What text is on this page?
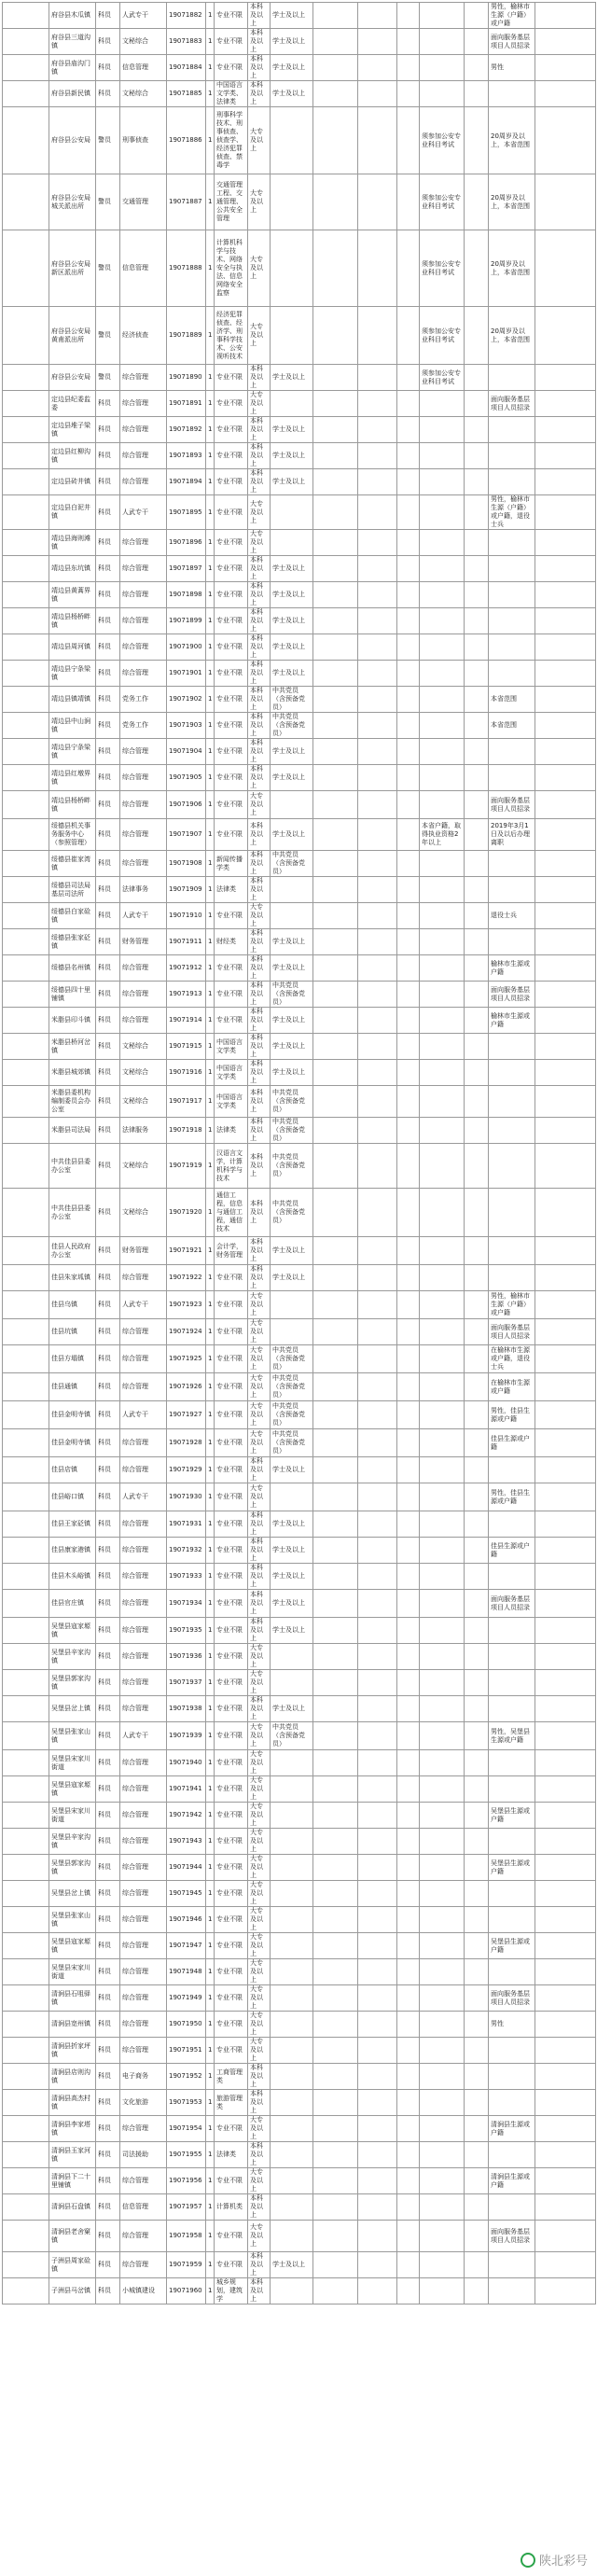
	府谷县木瓜镇	科员	人武专干	19071882	1	专业不限	本科及以上	学士及以上						男性，榆林市生源（户籍）或户籍	
	府谷县三道沟镇	科员	文秘综合	19071883	1	专业不限	本科及以上	学士及以上						面向服务基层项目人员招录	
	府谷县庙沟门镇	科员	信息管理	19071884	1	专业不限	本科及以上	学士及以上						男性	
	府谷县新民镇	科员	文秘综合	19071885	1	中国语言文学类、法律类	本科及以上	学士及以上							
	府谷县公安局	警员	刑事侦查	19071886	1	刑事科学技术、刑事侦查、侦查学、经济犯罪侦查、禁毒学	大专及以上					须参加公安专业科目考试		20周岁及以上，本省范围	
	府谷县公安局城关派出所	警员	交通管理	19071887	1	交通管理工程、交通管理、公共安全管理	大专及以上					须参加公安专业科目考试		20周岁及以上，本省范围	
	府谷县公安局新区派出所	警员	信息管理	19071888	1	计算机科学与技术、网络安全与执法、信息网络安全监察	大专及以上					须参加公安专业科目考试		20周岁及以上，本省范围	
	府谷县公安局黄甫派出所	警员	经济侦查	19071889	1	经济犯罪侦查、经济学、刑事科学技术、公安视听技术	大专及以上					须参加公安专业科目考试		20周岁及以上，本省范围	
	府谷县公安局	警员	综合管理	19071890	1	专业不限	本科及以上	学士及以上				须参加公安专业科目考试			
	定边县纪委监委	科员	综合管理	19071891	1	专业不限	大专及以上							面向服务基层项目人员招录	
	定边县堆子梁镇	科员	综合管理	19071892	1	专业不限	本科及以上	学士及以上							
	定边县红柳沟镇	科员	综合管理	19071893	1	专业不限	本科及以上	学士及以上							
	定边县砖井镇	科员	综合管理	19071894	1	专业不限	本科及以上	学士及以上							
	定边县白泥井镇	科员	人武专干	19071895	1	专业不限	大专及以上							男性，榆林市生源（户籍）或户籍，退役士兵	
	靖边县海则滩镇	科员	综合管理	19071896	1	专业不限	大专及以上								
	靖边县东坑镇	科员	综合管理	19071897	1	专业不限	本科及以上	学士及以上							
	靖边县黄蒿界镇	科员	综合管理	19071898	1	专业不限	本科及以上	学士及以上							
	靖边县杨桥畔镇	科员	综合管理	19071899	1	专业不限	本科及以上	学士及以上							
	靖边县周河镇	科员	综合管理	19071900	1	专业不限	本科及以上	学士及以上							
	靖边县宁条梁镇	科员	综合管理	19071901	1	专业不限	本科及以上	学士及以上							
	靖边县镇靖镇	科员	党务工作	19071902	1	专业不限	本科及以上	中共党员（含预备党员）						本省范围	
	靖边县中山涧镇	科员	党务工作	19071903	1	专业不限	本科及以上	中共党员（含预备党员）						本省范围	
	靖边县宁条梁镇	科员	综合管理	19071904	1	专业不限	本科及以上	学士及以上							
	靖边县红墩界镇	科员	综合管理	19071905	1	专业不限	本科及以上	学士及以上							
	靖边县杨桥畔镇	科员	综合管理	19071906	1	专业不限	大专及以上							面向服务基层项目人员招录	
	绥德县机关事务服务中心（参照管理）	科员	综合管理	19071907	1	专业不限	本科及以上	学士及以上				本省户籍，取得执业资格2年以上		2019年3月1日及以后办理离职	
	绥德县崔家湾镇	科员	综合管理	19071908	1	新闻传播学类	本科及以上	中共党员（含预备党员）							
	绥德县司法局基层司法所	科员	法律事务	19071909	1	法律类	本科及以上								
	绥德县白家硷镇	科员	人武专干	19071910	1	专业不限	大专及以上							退役士兵	
	绥德县张家砭镇	科员	财务管理	19071911	1	财经类	本科及以上	学士及以上							
	绥德县名州镇	科员	综合管理	19071912	1	专业不限	本科及以上	学士及以上						榆林市生源或户籍	
	绥德县四十里铺镇	科员	综合管理	19071913	1	专业不限	本科及以上	中共党员（含预备党员）						面向服务基层项目人员招录	
	米脂县印斗镇	科员	综合管理	19071914	1	专业不限	本科及以上	学士及以上						榆林市生源或户籍	
	米脂县桥河岔镇	科员	文秘综合	19071915	1	中国语言文学类	本科及以上	学士及以上							
	米脂县城郊镇	科员	文秘综合	19071916	1	中国语言文学类	本科及以上	学士及以上							
	米脂县委机构编制委员会办公室	科员	文秘综合	19071917	1	中国语言文学类	本科及以上	中共党员（含预备党员）							
	米脂县司法局	科员	法律服务	19071918	1	法律类	本科及以上	中共党员（含预备党员）							
	中共佳县县委办公室	科员	文秘综合	19071919	1	汉语言文学，计算机科学与技术	本科及以上	中共党员（含预备党员）							
	中共佳县县委办公室	科员	文秘综合	19071920	1	通信工程，信息与通信工程，通信技术	本科及以上	中共党员（含预备党员）							
	佳县人民政府办公室	科员	财务管理	19071921	1	会计学，财务管理	本科及以上	学士及以上							
	佳县朱家坬镇	科员	综合管理	19071922	1	专业不限	本科及以上	学士及以上							
	佳县乌镇	科员	人武专干	19071923	1	专业不限	大专及以上							男性，榆林市生源（户籍）或户籍	
	佳县坑镇	科员	综合管理	19071924	1	专业不限	大专及以上							面向服务基层项目人员招录	
	佳县方塌镇	科员	综合管理	19071925	1	专业不限	大专及以上	中共党员（含预备党员）						在榆林市生源或户籍，退役士兵	
	佳县通镇	科员	综合管理	19071926	1	专业不限	大专及以上	中共党员（含预备党员）						在榆林市生源或户籍	
	佳县金明寺镇	科员	人武专干	19071927	1	专业不限	大专及以上	中共党员（含预备党员）						男性，佳县生源或户籍	
	佳县金明寺镇	科员	综合管理	19071928	1	专业不限	大专及以上	中共党员（含预备党员）						佳县生源或户籍	
	佳县店镇	科员	综合管理	19071929	1	专业不限	本科及以上	学士及以上							
	佳县峪口镇	科员	人武专干	19071930	1	专业不限	大专及以上							男性，佳县生源或户籍	
	佳县王家砭镇	科员	综合管理	19071931	1	专业不限	本科及以上	学士及以上							
	佳县康家港镇	科员	综合管理	19071932	1	专业不限	本科及以上	学士及以上						佳县生源或户籍	
	佳县木头峪镇	科员	综合管理	19071933	1	专业不限	本科及以上	学士及以上							
	佳县官庄镇	科员	综合管理	19071934	1	专业不限	本科及以上	学士及以上						面向服务基层项目人员招录	
	吴堡县寇家塬镇	科员	综合管理	19071935	1	专业不限	本科及以上	学士及以上							
	吴堡县辛家沟镇	科员	综合管理	19071936	1	专业不限	大专及以上								
	吴堡县郭家沟镇	科员	综合管理	19071937	1	专业不限	大专及以上								
	吴堡县岔上镇	科员	综合管理	19071938	1	专业不限	本科及以上	学士及以上							
	吴堡县张家山镇	科员	人武专干	19071939	1	专业不限	大专及以上	中共党员（含预备党员）						男性，吴堡县生源或户籍	
	吴堡县宋家川街道	科员	综合管理	19071940	1	专业不限	大专及以上								
	吴堡县寇家塬镇	科员	综合管理	19071941	1	专业不限	大专及以上								
	吴堡县宋家川街道	科员	综合管理	19071942	1	专业不限	大专及以上							吴堡县生源或户籍	
	吴堡县辛家沟镇	科员	综合管理	19071943	1	专业不限	大专及以上								
	吴堡县郭家沟镇	科员	综合管理	19071944	1	专业不限	大专及以上							吴堡县生源或户籍	
	吴堡县岔上镇	科员	综合管理	19071945	1	专业不限	大专及以上								
	吴堡县张家山镇	科员	综合管理	19071946	1	专业不限	大专及以上								
	吴堡县寇家塬镇	科员	综合管理	19071947	1	专业不限	大专及以上							吴堡县生源或户籍	
	吴堡县宋家川街道	科员	综合管理	19071948	1	专业不限	大专及以上								
	清涧县石咀驿镇	科员	综合管理	19071949	1	专业不限	大专及以上							面向服务基层项目人员招录	
	清涧县宽州镇	科员	综合管理	19071950	1	专业不限	大专及以上							男性	
	清涧县折家坪镇	科员	综合管理	19071951	1	专业不限	大专及以上								
	清涧县店则沟镇	科员	电子商务	19071952	1	工商管理类	本科及以上								
	清涧县高杰村镇	科员	文化旅游	19071953	1	旅游管理类	本科及以上								
	清涧县李家塔镇	科员	综合管理	19071954	1	专业不限	大专及以上							清涧县生源或户籍	
	清涧县玉家河镇	科员	司法援助	19071955	1	法律类	本科及以上								
	清涧县下二十里铺镇	科员	综合管理	19071956	1	专业不限	大专及以上							清涧县生源或户籍	
	清涧县石盘镇	科员	信息管理	19071957	1	计算机类	本科及以上								
	清涧县老舍窠镇	科员	综合管理	19071958	1	专业不限	大专及以上							面向服务基层项目人员招录	
	子洲县周家硷镇	科员	综合管理	19071959	1	专业不限	本科及以上	学士及以上							
	子洲县马岔镇	科员	小城镇建设	19071960	1	城乡规划，建筑学	本科及以上								
陕北彩号
